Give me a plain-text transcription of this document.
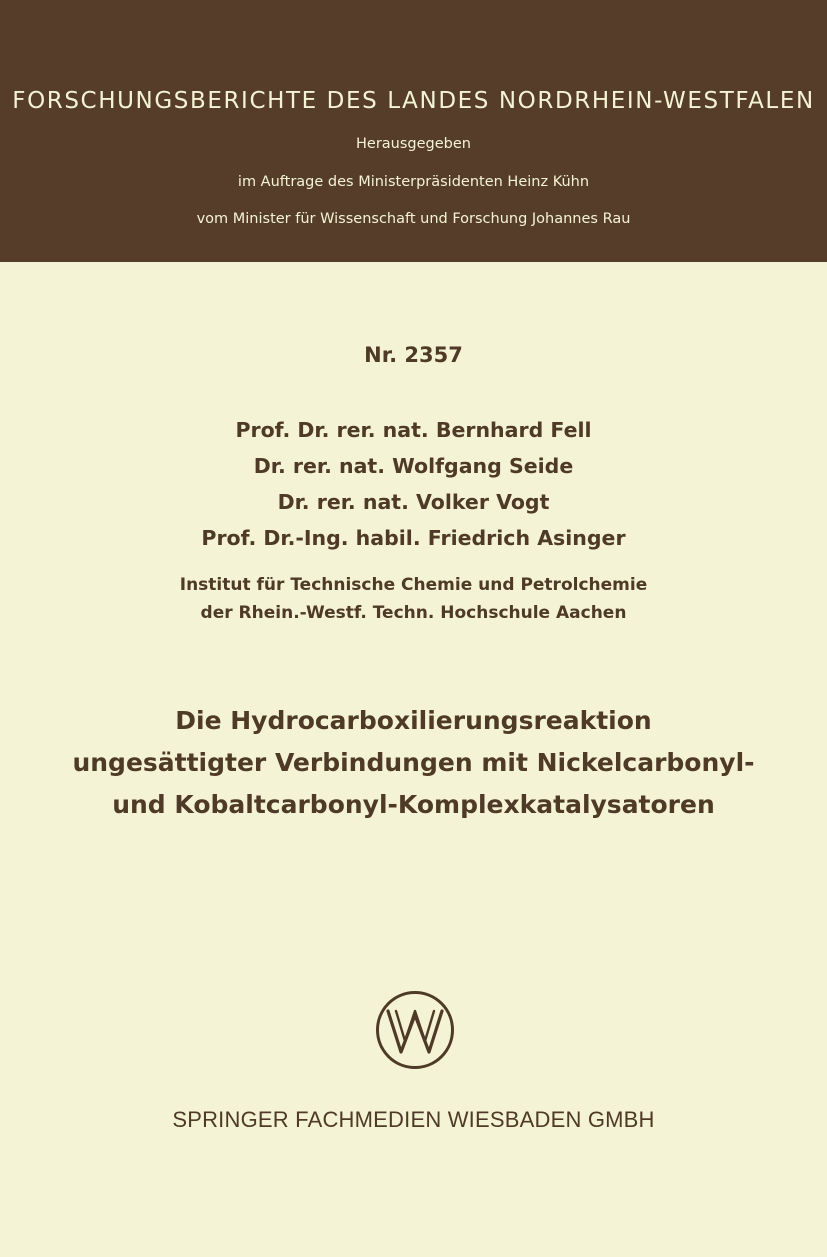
FORSCHUNGSBERICHTE DES LANDES NORDRHEIN-WESTFALEN
Herausgegeben
im Auftrage des Ministerpräsidenten Heinz Kühn
vom Minister für Wissenschaft und Forschung Johannes Rau
Nr. 2357
Prof. Dr. rer. nat. Bernhard Fell
Dr. rer. nat. Wolfgang Seide
Dr. rer. nat. Volker Vogt
Prof. Dr.-Ing. habil. Friedrich Asinger
Institut für Technische Chemie und Petrolchemie
der Rhein.-Westf. Techn. Hochschule Aachen
Die Hydrocarboxilierungsreaktion
ungesättigter Verbindungen mit Nickelcarbonyl-
und Kobaltcarbonyl-Komplexkatalysatoren
SPRINGER FACHMEDIEN WIESBADEN GMBH
